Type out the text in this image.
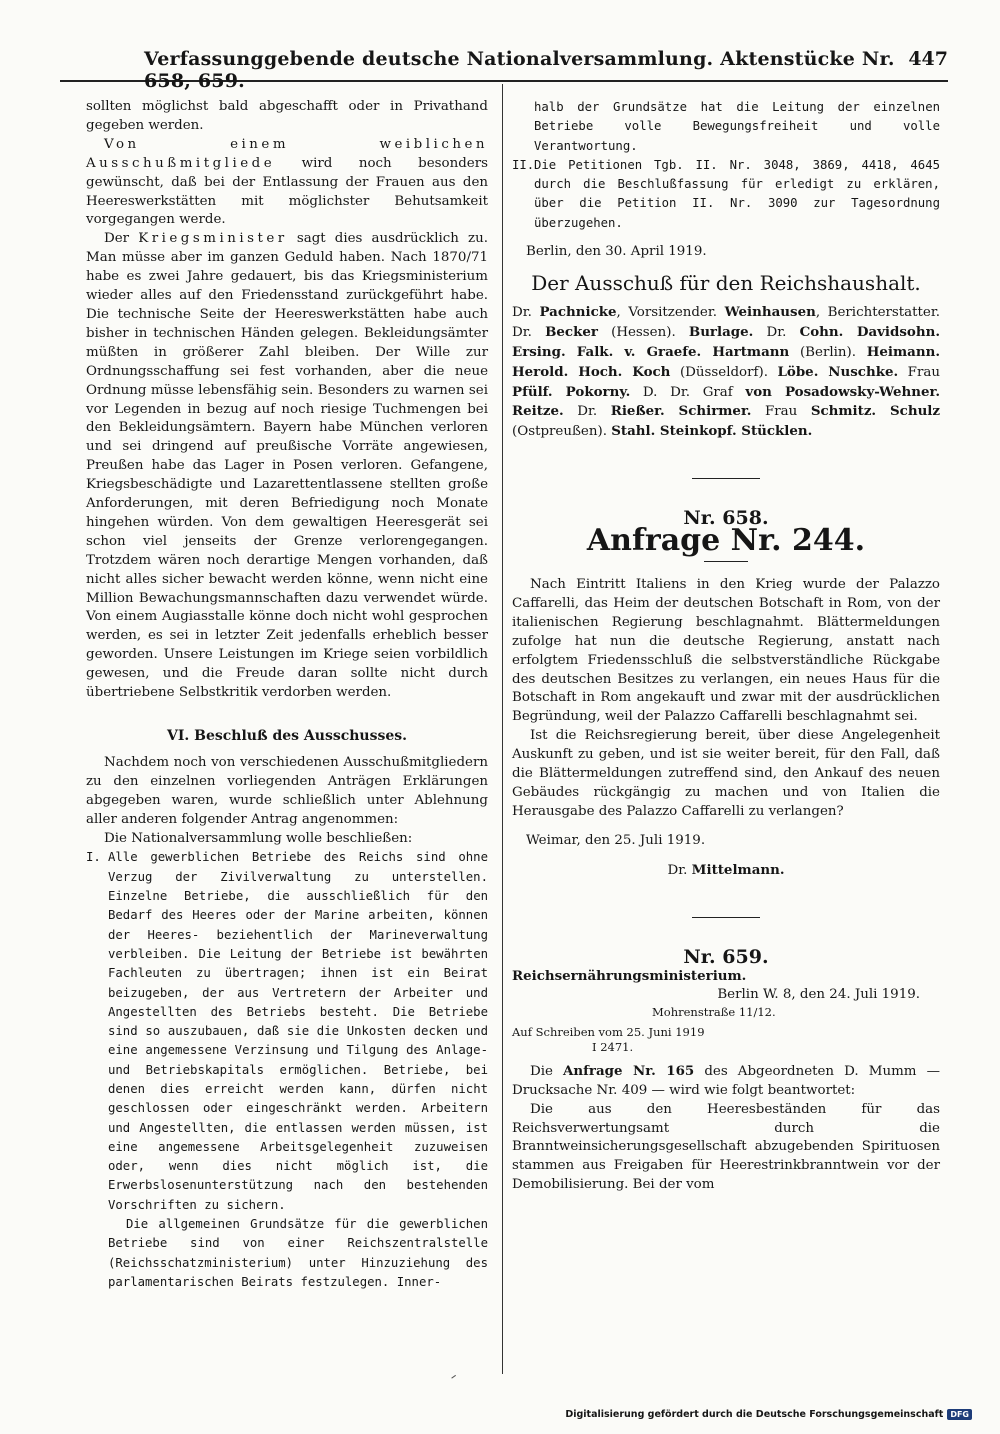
Verfassunggebende deutsche Nationalversammlung. Aktenstücke Nr. 658, 659.
447

sollten möglichst bald abgeschafft oder in Privathand gegeben werden.

Von einem weiblichen Ausschußmitgliede wird noch besonders gewünscht, daß bei der Entlassung der Frauen aus den Heereswerkstätten mit möglichster Behutsamkeit vorgegangen werde.

Der Kriegsminister sagt dies ausdrücklich zu. Man müsse aber im ganzen Geduld haben. Nach 1870/71 habe es zwei Jahre gedauert, bis das Kriegsministerium wieder alles auf den Friedensstand zurückgeführt habe. Die technische Seite der Heereswerkstätten habe auch bisher in technischen Händen gelegen. Bekleidungsämter müßten in größerer Zahl bleiben. Der Wille zur Ordnungsschaffung sei fest vorhanden, aber die neue Ordnung müsse lebensfähig sein. Besonders zu warnen sei vor Legenden in bezug auf noch riesige Tuchmengen bei den Bekleidungsämtern. Bayern habe München verloren und sei dringend auf preußische Vorräte angewiesen, Preußen habe das Lager in Posen verloren. Gefangene, Kriegsbeschädigte und Lazarettentlassene stellten große Anforderungen, mit deren Befriedigung noch Monate hingehen würden. Von dem gewaltigen Heeresgerät sei schon viel jenseits der Grenze verlorengegangen. Trotzdem wären noch derartige Mengen vorhanden, daß nicht alles sicher bewacht werden könne, wenn nicht eine Million Bewachungsmannschaften dazu verwendet würde. Von einem Augiasstalle könne doch nicht wohl gesprochen werden, es sei in letzter Zeit jedenfalls erheblich besser geworden. Unsere Leistungen im Kriege seien vorbildlich gewesen, und die Freude daran sollte nicht durch übertriebene Selbstkritik verdorben werden.

VI. Beschluß des Ausschusses.

Nachdem noch von verschiedenen Ausschußmitgliedern zu den einzelnen vorliegenden Anträgen Erklärungen abgegeben waren, wurde schließlich unter Ablehnung aller anderen folgender Antrag angenommen:

Die Nationalversammlung wolle beschließen:

I. Alle gewerblichen Betriebe des Reichs sind ohne Verzug der Zivilverwaltung zu unterstellen. Einzelne Betriebe, die ausschließlich für den Bedarf des Heeres oder der Marine arbeiten, können der Heeres- beziehentlich der Marineverwaltung verbleiben. Die Leitung der Betriebe ist bewährten Fachleuten zu übertragen; ihnen ist ein Beirat beizugeben, der aus Vertretern der Arbeiter und Angestellten des Betriebs besteht. Die Betriebe sind so auszubauen, daß sie die Unkosten decken und eine angemessene Verzinsung und Tilgung des Anlage- und Betriebskapitals ermöglichen. Betriebe, bei denen dies erreicht werden kann, dürfen nicht geschlossen oder eingeschränkt werden. Arbeitern und Angestellten, die entlassen werden müssen, ist eine angemessene Arbeitsgelegenheit zuzuweisen oder, wenn dies nicht möglich ist, die Erwerbslosenunterstützung nach den bestehenden Vorschriften zu sichern.
Die allgemeinen Grundsätze für die gewerblichen Betriebe sind von einer Reichszentralstelle (Reichsschatzministerium) unter Hinzuziehung des parlamentarischen Beirats festzulegen. Inner-
halb der Grundsätze hat die Leitung der einzelnen Betriebe volle Bewegungsfreiheit und volle Verantwortung.
II. Die Petitionen Tgb. II. Nr. 3048, 3869, 4418, 4645 durch die Beschlußfassung für erledigt zu erklären, über die Petition II. Nr. 3090 zur Tagesordnung überzugehen.

Berlin, den 30. April 1919.

Der Ausschuß für den Reichshaushalt.

Dr. Pachnicke, Vorsitzender. Weinhausen, Berichterstatter. Dr. Becker (Hessen). Burlage. Dr. Cohn. Davidsohn. Ersing. Falk. v. Graefe. Hartmann (Berlin). Heimann. Herold. Hoch. Koch (Düsseldorf). Löbe. Nuschke. Frau Pfülf. Pokorny. D. Dr. Graf von Posadowsky-Wehner. Reitze. Dr. Rießer. Schirmer. Frau Schmitz. Schulz (Ostpreußen). Stahl. Steinkopf. Stücklen.

Nr. 658.
Anfrage Nr. 244.

Nach Eintritt Italiens in den Krieg wurde der Palazzo Caffarelli, das Heim der deutschen Botschaft in Rom, von der italienischen Regierung beschlagnahmt. Blättermeldungen zufolge hat nun die deutsche Regierung, anstatt nach erfolgtem Friedensschluß die selbstverständliche Rückgabe des deutschen Besitzes zu verlangen, ein neues Haus für die Botschaft in Rom angekauft und zwar mit der ausdrücklichen Begründung, weil der Palazzo Caffarelli beschlagnahmt sei.

Ist die Reichsregierung bereit, über diese Angelegenheit Auskunft zu geben, und ist sie weiter bereit, für den Fall, daß die Blättermeldungen zutreffend sind, den Ankauf des neuen Gebäudes rückgängig zu machen und von Italien die Herausgabe des Palazzo Caffarelli zu verlangen?

Weimar, den 25. Juli 1919.

Dr. Mittelmann.

Nr. 659.

Reichsernährungsministerium.

Berlin W. 8, den 24. Juli 1919.

Mohrenstraße 11/12.

Auf Schreiben vom 25. Juni 1919

I 2471.

Die Anfrage Nr. 165 des Abgeordneten D. Mumm — Drucksache Nr. 409 — wird wie folgt beantwortet:

Die aus den Heeresbeständen für das Reichsverwertungsamt durch die Branntweinsicherungsgesellschaft abzugebenden Spirituosen stammen aus Freigaben für Heerestrinkbranntwein vor der Demobilisierung. Bei der vom

Digitalisierung gefördert durch die Deutsche Forschungsgemeinschaft DFG
